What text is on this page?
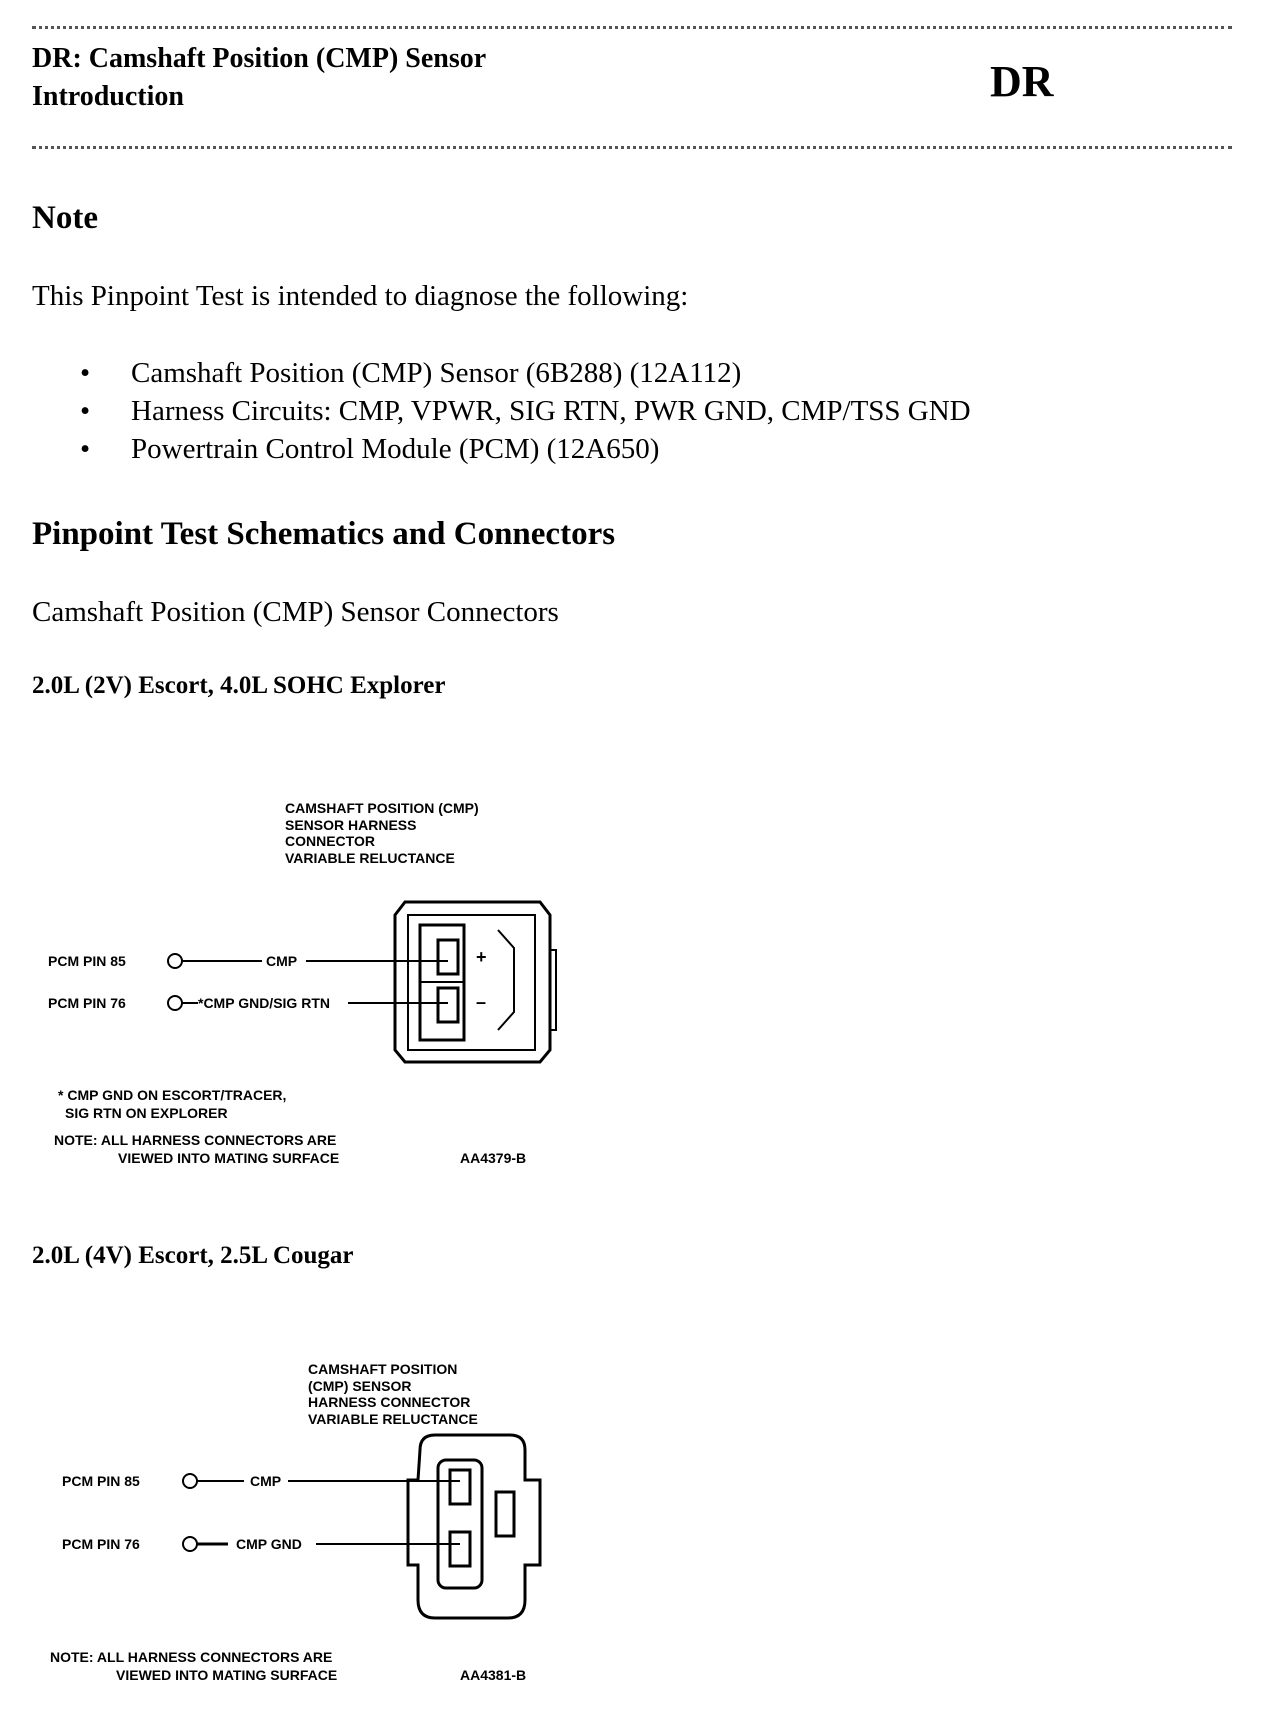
DR: Camshaft Position (CMP) Sensor
Introduction	DR
Note
This Pinpoint Test is intended to diagnose the following:
• Camshaft Position (CMP) Sensor (6B288) (12A112)
• Harness Circuits: CMP, VPWR, SIG RTN, PWR GND, CMP/TSS GND
• Powertrain Control Module (PCM) (12A650)
Pinpoint Test Schematics and Connectors
Camshaft Position (CMP) Sensor Connectors
2.0L (2V) Escort, 4.0L SOHC Explorer
CAMSHAFT POSITION (CMP)
SENSOR HARNESS
CONNECTOR
VARIABLE RELUCTANCE
+
–
PCM PIN 85	CMP
PCM PIN 76	*CMP GND/SIG RTN
* CMP GND ON ESCORT/TRACER,
SIG RTN ON EXPLORER
NOTE: ALL HARNESS CONNECTORS ARE
VIEWED INTO MATING SURFACE	AA4379-B
2.0L (4V) Escort, 2.5L Cougar
CAMSHAFT POSITION
(CMP) SENSOR
HARNESS CONNECTOR
VARIABLE RELUCTANCE
PCM PIN 85	CMP
PCM PIN 76	CMP GND
NOTE: ALL HARNESS CONNECTORS ARE
VIEWED INTO MATING SURFACE	AA4381-B
